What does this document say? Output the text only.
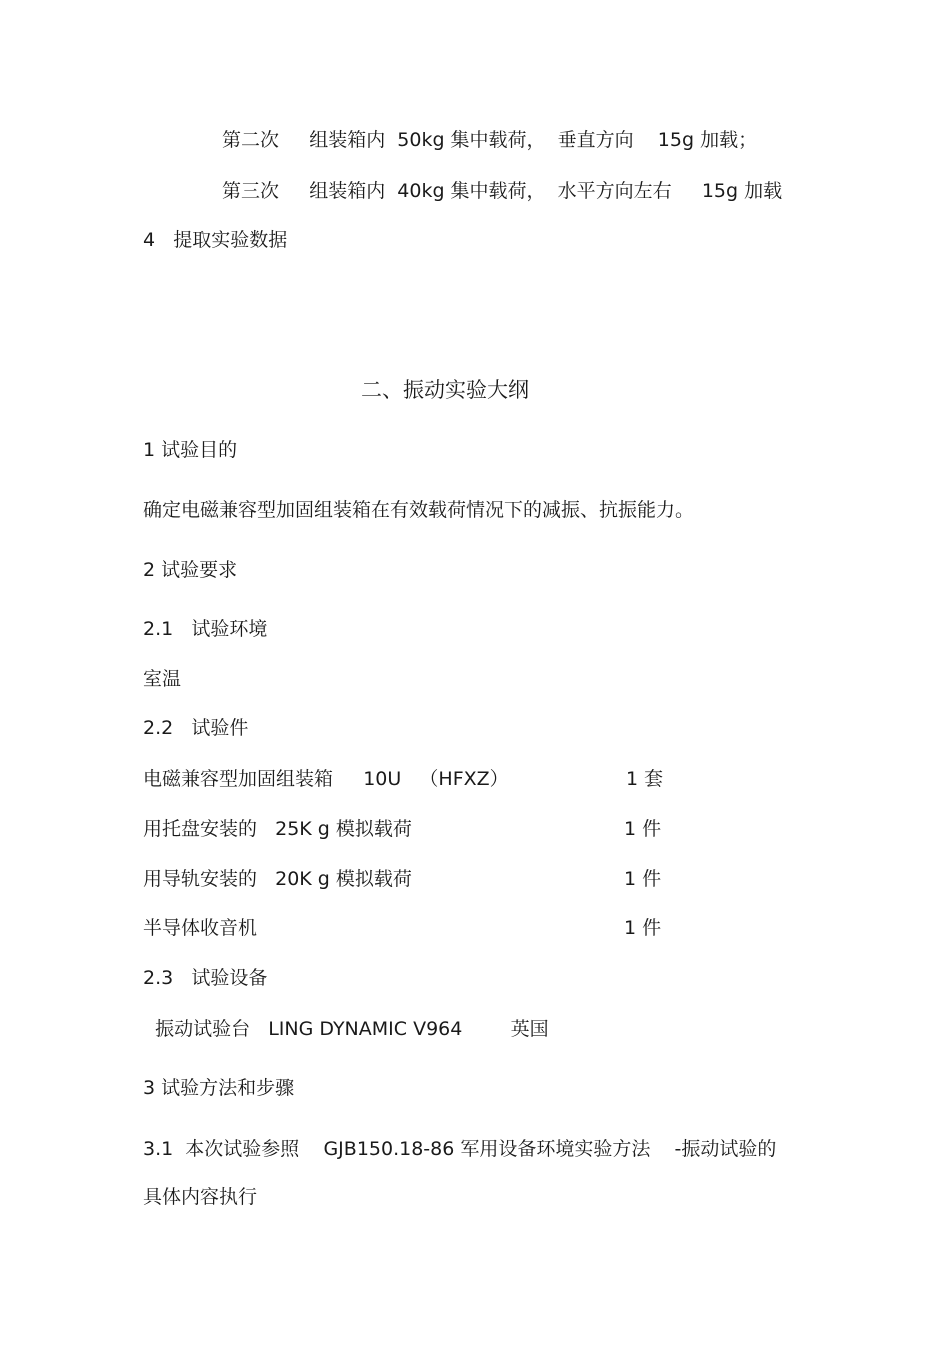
第二次     组装箱内  50kg 集中载荷，  垂直方向    15g 加载；
第三次     组装箱内  40kg 集中载荷，  水平方向左右     15g 加载
4   提取实验数据
二、振动实验大纲
1 试验目的
确定电磁兼容型加固组装箱在有效载荷情况下的减振、抗振能力。
2 试验要求
2.1   试验环境
室温
2.2   试验件
电磁兼容型加固组装箱     10U   （HFXZ）	1 套
用托盘安装的   25K g 模拟载荷	1 件
用导轨安装的   20K g 模拟载荷	1 件
半导体收音机	1 件
2.3   试验设备
振动试验台   LING DYNAMIC V964        英国
3 试验方法和步骤
3.1  本次试验参照    GJB150.18-86 军用设备环境实验方法    -振动试验的
具体内容执行
